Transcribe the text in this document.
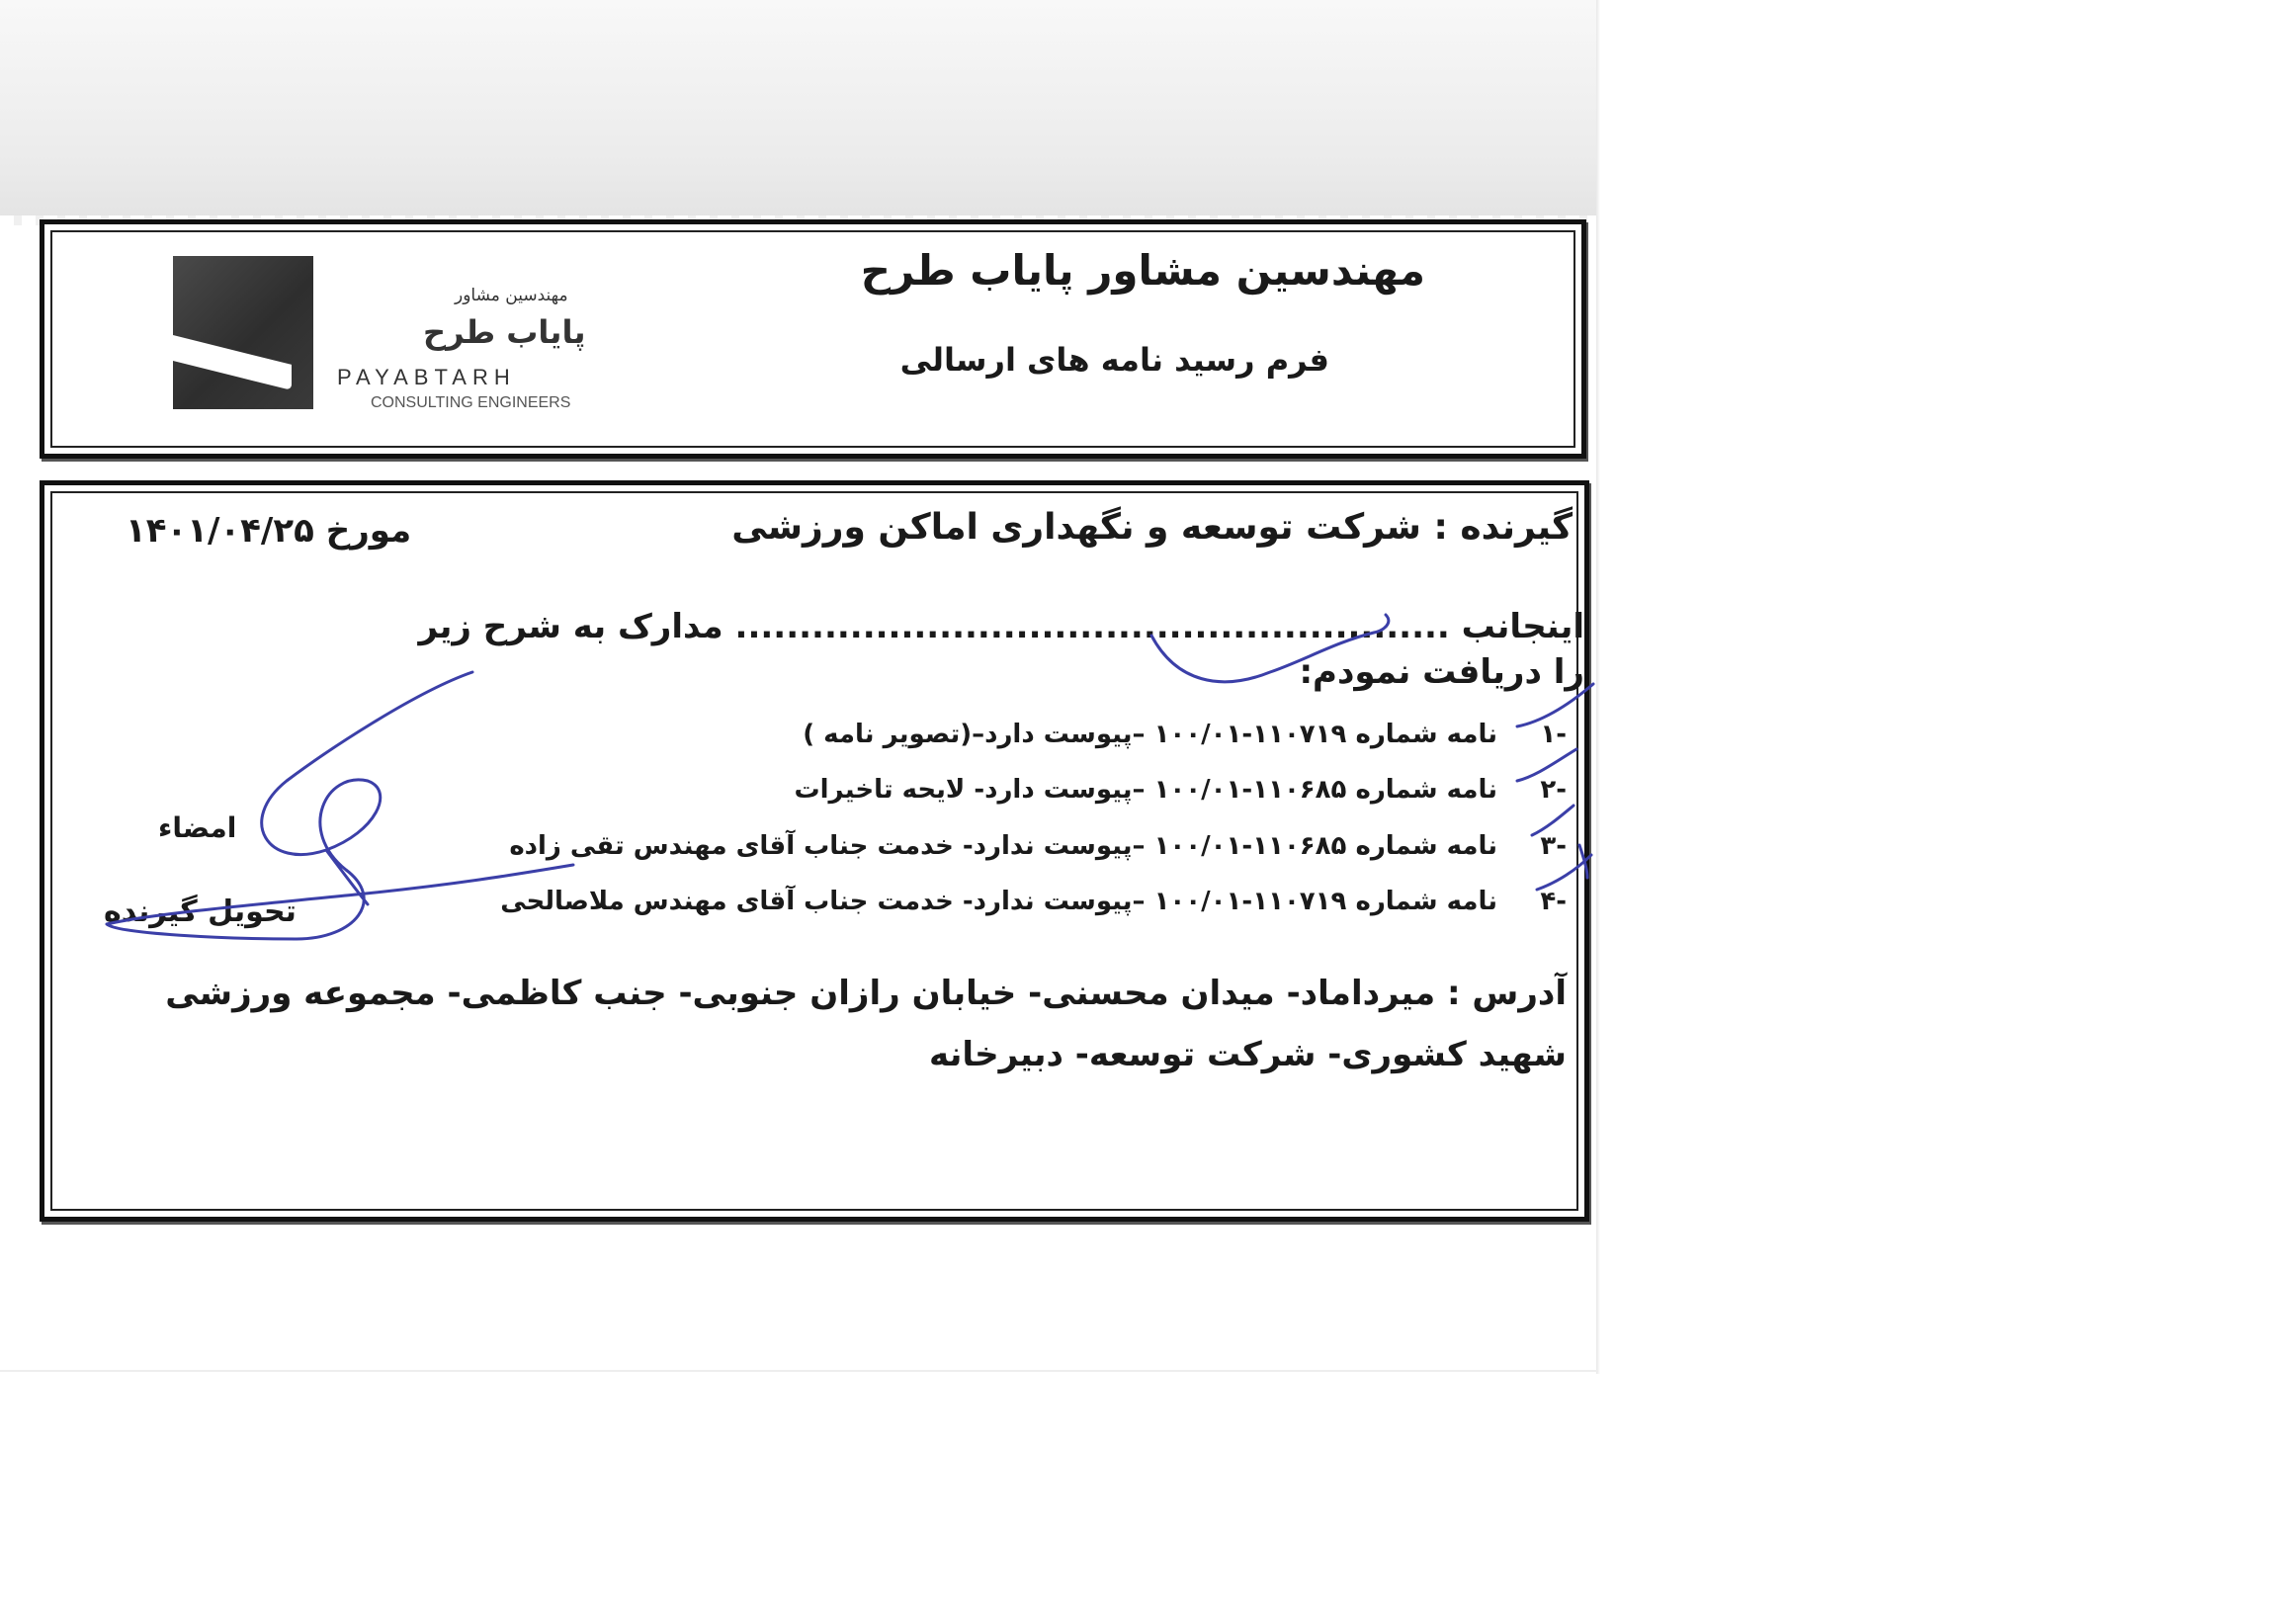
مهندسین مشاور پایاب طرح
فرم رسید نامه های ارسالی
مهندسین مشاور
پایاب طرح
PAYABTARH
CONSULTING ENGINEERS
گیرنده : شرکت توسعه و نگهداری اماکن ورزشی
مورخ ۱۴۰۱/۰۴/۲۵
اینجانب ........................................................ مدارک به شرح زیر را دریافت نمودم:
-۱
نامه شماره ۱۱۰۷۱۹-۱۰۰/۰۱ –پیوست دارد–(تصویر نامه )
-۲
نامه شماره ۱۱۰۶۸۵-۱۰۰/۰۱ –پیوست دارد- لایحه تاخیرات
-۳
نامه شماره ۱۱۰۶۸۵-۱۰۰/۰۱ –پیوست ندارد- خدمت جناب آقای مهندس تقی زاده
-۴
نامه شماره ۱۱۰۷۱۹-۱۰۰/۰۱ –پیوست ندارد- خدمت جناب آقای مهندس ملاصالحی
امضاء
تحویل گیرنده
آدرس : میرداماد- میدان محسنی- خیابان رازان جنوبی- جنب کاظمی- مجموعه ورزشی شهید کشوری- شرکت توسعه- دبیرخانه
